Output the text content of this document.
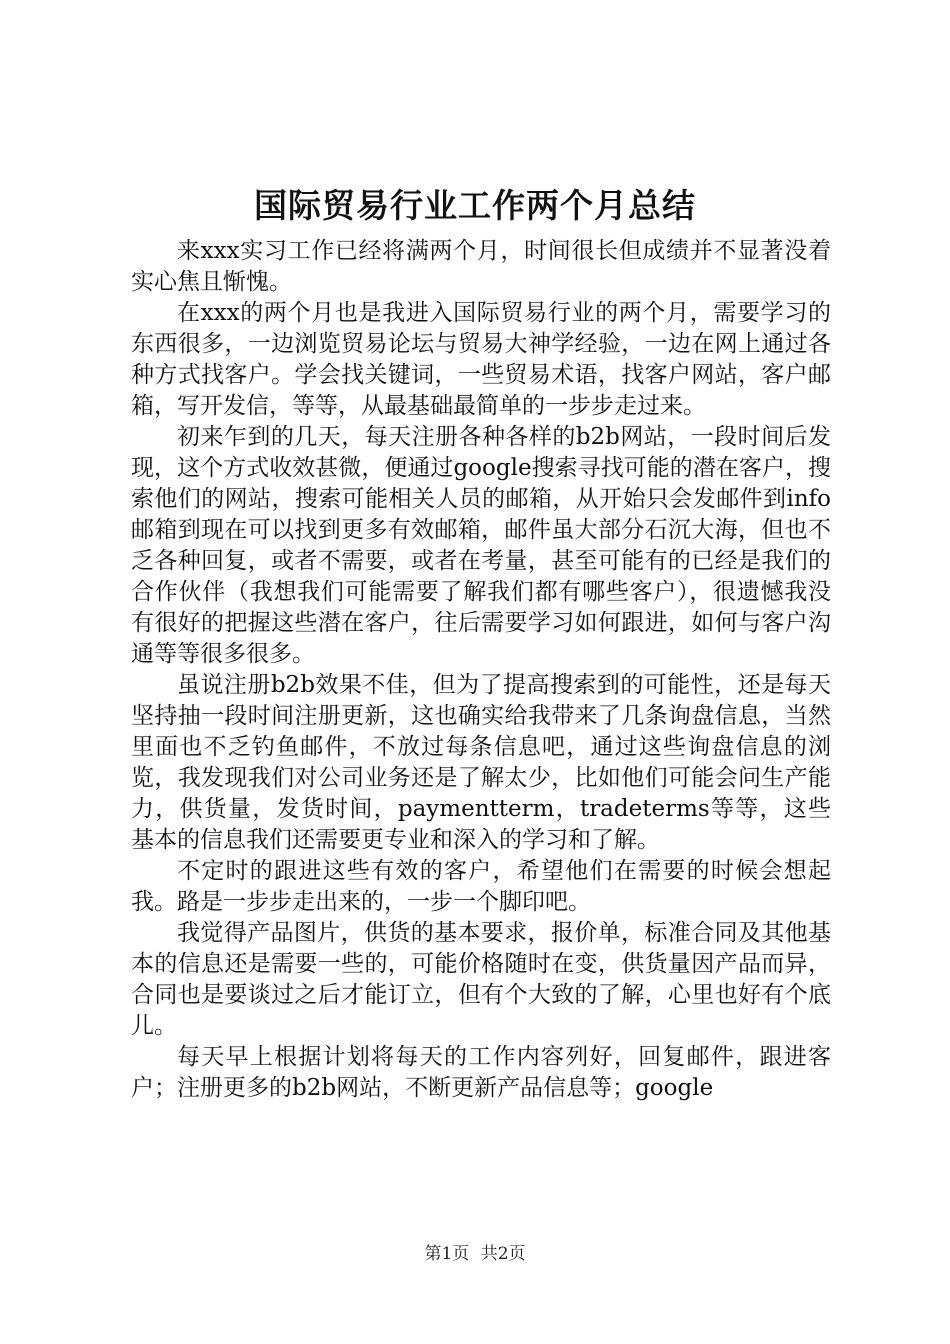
国际贸易行业工作两个月总结

来xxx实习工作已经将满两个月，时间很长但成绩并不显著没着实心焦且惭愧。

在xxx的两个月也是我进入国际贸易行业的两个月，需要学习的东西很多，一边浏览贸易论坛与贸易大神学经验，一边在网上通过各种方式找客户。学会找关键词，一些贸易术语，找客户网站，客户邮箱，写开发信，等等，从最基础最简单的一步步走过来。

初来乍到的几天，每天注册各种各样的b2b网站，一段时间后发现，这个方式收效甚微，便通过google搜索寻找可能的潜在客户，搜索他们的网站，搜索可能相关人员的邮箱，从开始只会发邮件到info邮箱到现在可以找到更多有效邮箱，邮件虽大部分石沉大海，但也不乏各种回复，或者不需要，或者在考量，甚至可能有的已经是我们的合作伙伴（我想我们可能需要了解我们都有哪些客户），很遗憾我没有很好的把握这些潜在客户，往后需要学习如何跟进，如何与客户沟通等等很多很多。

虽说注册b2b效果不佳，但为了提高搜索到的可能性，还是每天坚持抽一段时间注册更新，这也确实给我带来了几条询盘信息，当然里面也不乏钓鱼邮件，不放过每条信息吧，通过这些询盘信息的浏览，我发现我们对公司业务还是了解太少，比如他们可能会问生产能力，供货量，发货时间，paymentterm，tradeterms等等，这些基本的信息我们还需要更专业和深入的学习和了解。

不定时的跟进这些有效的客户，希望他们在需要的时候会想起我。路是一步步走出来的，一步一个脚印吧。

我觉得产品图片，供货的基本要求，报价单，标准合同及其他基本的信息还是需要一些的，可能价格随时在变，供货量因产品而异，合同也是要谈过之后才能订立，但有个大致的了解，心里也好有个底儿。

每天早上根据计划将每天的工作内容列好，回复邮件，跟进客户；注册更多的b2b网站，不断更新产品信息等；google

第1页 共2页
